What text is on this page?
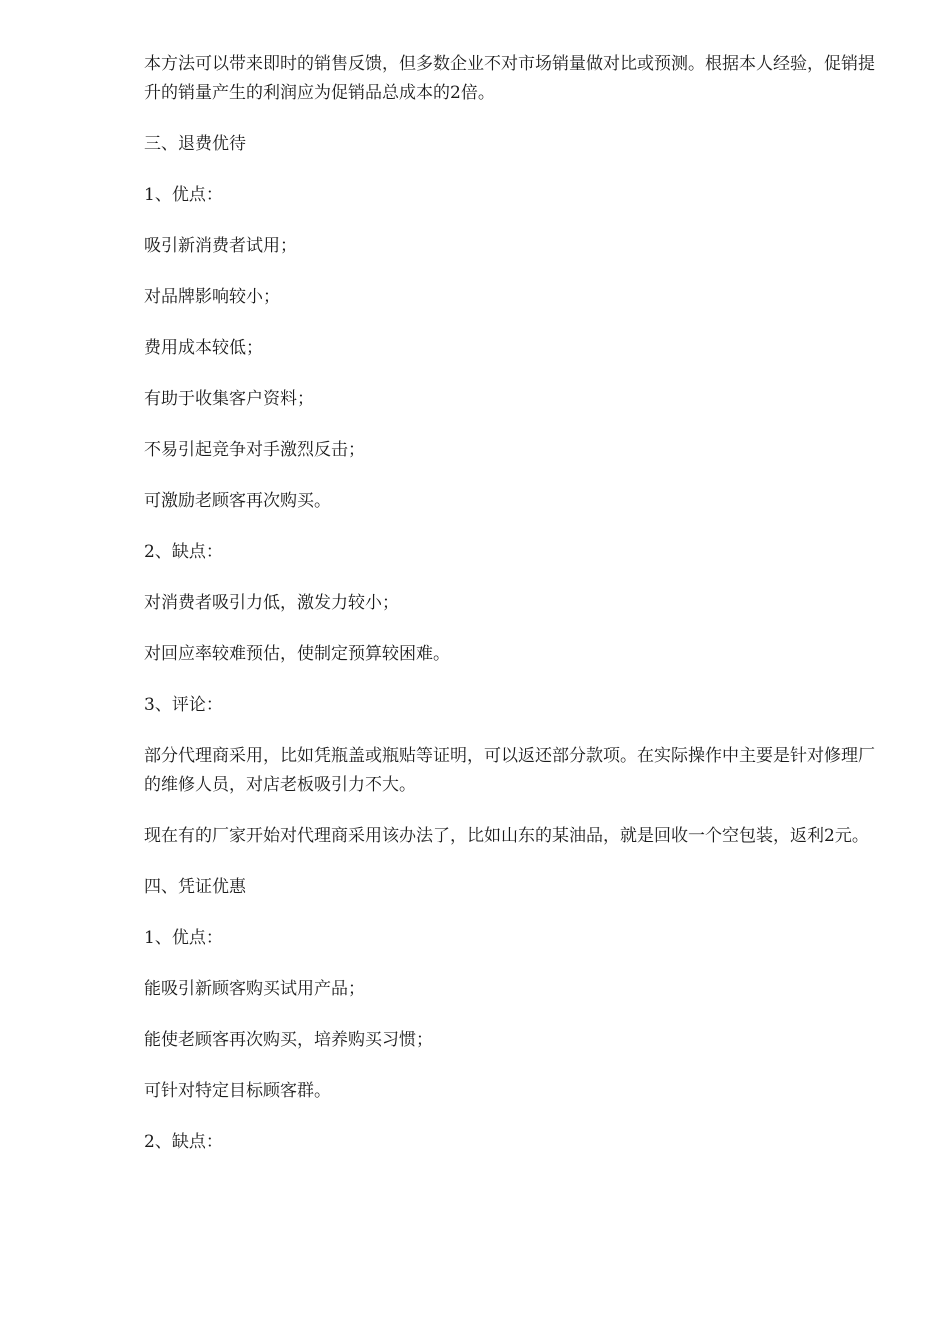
本方法可以带来即时的销售反馈，但多数企业不对市场销量做对比或预测。根据本人经验，促销提升的销量产生的利润应为促销品总成本的2倍。

三、退费优待

1、优点：

吸引新消费者试用；

对品牌影响较小；

费用成本较低；

有助于收集客户资料；

不易引起竞争对手激烈反击；

可激励老顾客再次购买。

2、缺点：

对消费者吸引力低，激发力较小；

对回应率较难预估，使制定预算较困难。

3、评论：

部分代理商采用，比如凭瓶盖或瓶贴等证明，可以返还部分款项。在实际操作中主要是针对修理厂的维修人员，对店老板吸引力不大。

现在有的厂家开始对代理商采用该办法了，比如山东的某油品，就是回收一个空包装，返利2元。

四、凭证优惠

1、优点：

能吸引新顾客购买试用产品；

能使老顾客再次购买，培养购买习惯；

可针对特定目标顾客群。

2、缺点：
